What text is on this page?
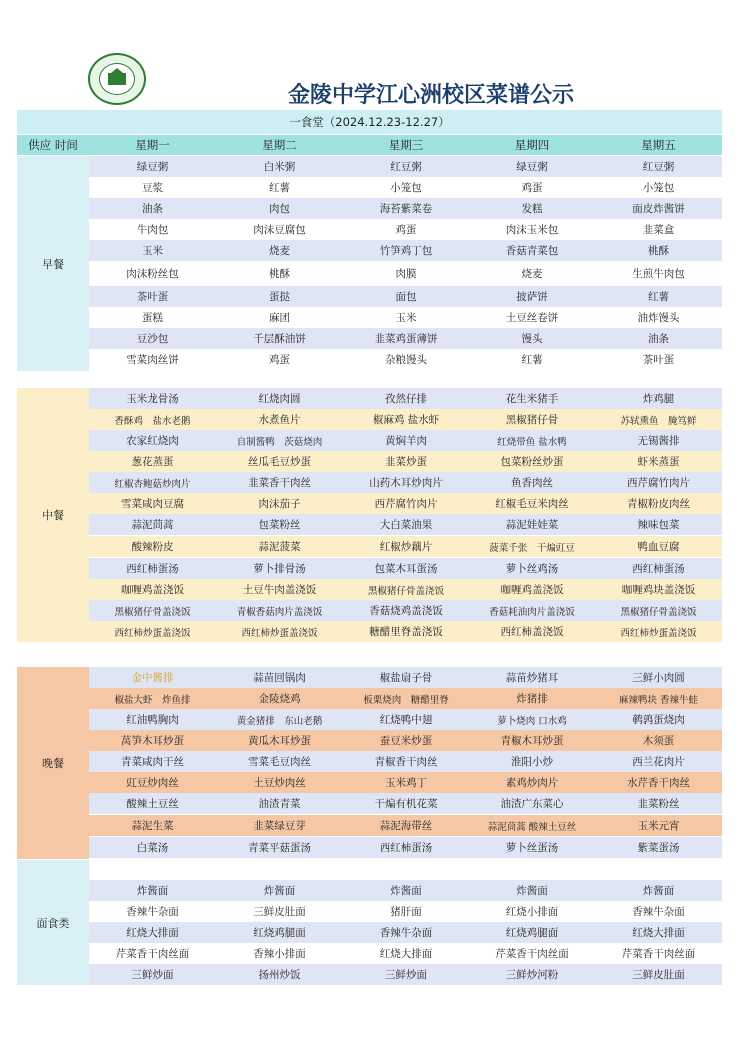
金陵中学江心洲校区菜谱公示
一食堂（2024.12.23-12.27）
供应 时间	星期一	星期二	星期三	星期四	星期五
早餐
绿豆粥	白米粥	红豆粥	绿豆粥	红豆粥
豆浆	红薯	小笼包	鸡蛋	小笼包
油条	肉包	海苔紫菜卷	发糕	面皮炸酱饼
牛肉包	肉沫豆腐包	鸡蛋	肉沫玉米包	韭菜盒
玉米	烧麦	竹笋鸡丁包	香菇青菜包	桃酥
肉沫粉丝包	桃酥	肉膜	烧麦	生煎牛肉包
茶叶蛋	蛋挞	面包	披萨饼	红薯
蛋糕	麻团	玉米	土豆丝卷饼	油炸馒头
豆沙包	千层酥油饼	韭菜鸡蛋薄饼	馒头	油条
雪菜肉丝饼	鸡蛋	杂粮馒头	红薯	茶叶蛋
中餐
玉米龙骨汤	红烧肉圆	孜然仔排	花生米猪手	炸鸡腿
香酥鸡　盐水老鹅	水煮鱼片	椒麻鸡 盐水虾	黑椒猪仔骨	苏轼熏鱼　腌笃鲜
农家红烧肉	自制酱鸭　茨菇烧肉	黄焖羊肉	红烧带鱼 盐水鸭	无锡酱排
葱花蒸蛋	丝瓜毛豆炒蛋	韭菜炒蛋	包菜粉丝炒蛋	虾米蒸蛋
红椒杏鲍菇炒肉片	韭菜香干肉丝	山药木耳炒肉片	鱼香肉丝	西芹腐竹肉片
雪菜咸肉豆腐	肉沫茄子	西芹腐竹肉片	红椒毛豆米肉丝	青椒粉皮肉丝
蒜泥茼蒿	包菜粉丝	大白菜油果	蒜泥娃娃菜	辣味包菜
酸辣粉皮	蒜泥菠菜	红椒炒藕片	菠菜千张　干煸豇豆	鸭血豆腐
西红柿蛋汤	萝卜排骨汤	包菜木耳蛋汤	萝卜丝鸡汤	西红柿蛋汤
咖喱鸡盖浇饭	土豆牛肉盖浇饭	黑椒猪仔骨盖浇饭	咖喱鸡盖浇饭	咖喱鸡块盖浇饭
黑椒猪仔骨盖浇饭	青椒香菇肉片盖浇饭	香菇烧鸡盖浇饭	香菇耗油肉片盖浇饭	黑椒猪仔骨盖浇饭
西红柿炒蛋盖浇饭	西红柿炒蛋盖浇饭	糖醋里脊盖浇饭	西红柿盖浇饭	西红柿炒蛋盖浇饭
晚餐
金中酱排	蒜苗回锅肉	椒盐扇子骨	蒜苗炒猪耳	三鲜小肉圆
椒盐大虾　炸鱼排	金陵烧鸡	板栗烧肉　糖醋里脊	炸猪排	麻辣鸭块 香辣牛蛙
红油鸭胸肉	黄金猪排　东山老鹅	红烧鸭中翅	萝卜烧肉 口水鸡	鹌鹑蛋烧肉
莴笋木耳炒蛋	黄瓜木耳炒蛋	蚕豆米炒蛋	青椒木耳炒蛋	木须蛋
青菜咸肉干丝	雪菜毛豆肉丝	青椒香干肉丝	淮阳小炒	西兰花肉片
豇豆炒肉丝	土豆炒肉丝	玉米鸡丁	素鸡炒肉片	水芹香干肉丝
酸辣土豆丝	油渣青菜	干煸有机花菜	油渣广东菜心	韭菜粉丝
蒜泥生菜	韭菜绿豆芽	蒜泥海带丝	蒜泥茼蒿 酸辣土豆丝	玉米元宵
白菜汤	青菜平菇蛋汤	西红柿蛋汤	萝卜丝蛋汤	紫菜蛋汤
面食类
炸酱面	炸酱面	炸酱面	炸酱面	炸酱面
香辣牛杂面	三鲜皮肚面	猪肝面	红烧小排面	香辣牛杂面
红烧大排面	红烧鸡腿面	香辣牛杂面	红烧鸡腿面	红烧大排面
芹菜香干肉丝面	香辣小排面	红烧大排面	芹菜香干肉丝面	芹菜香干肉丝面
三鲜炒面	扬州炒饭	三鲜炒面	三鲜炒河粉	三鲜皮肚面
